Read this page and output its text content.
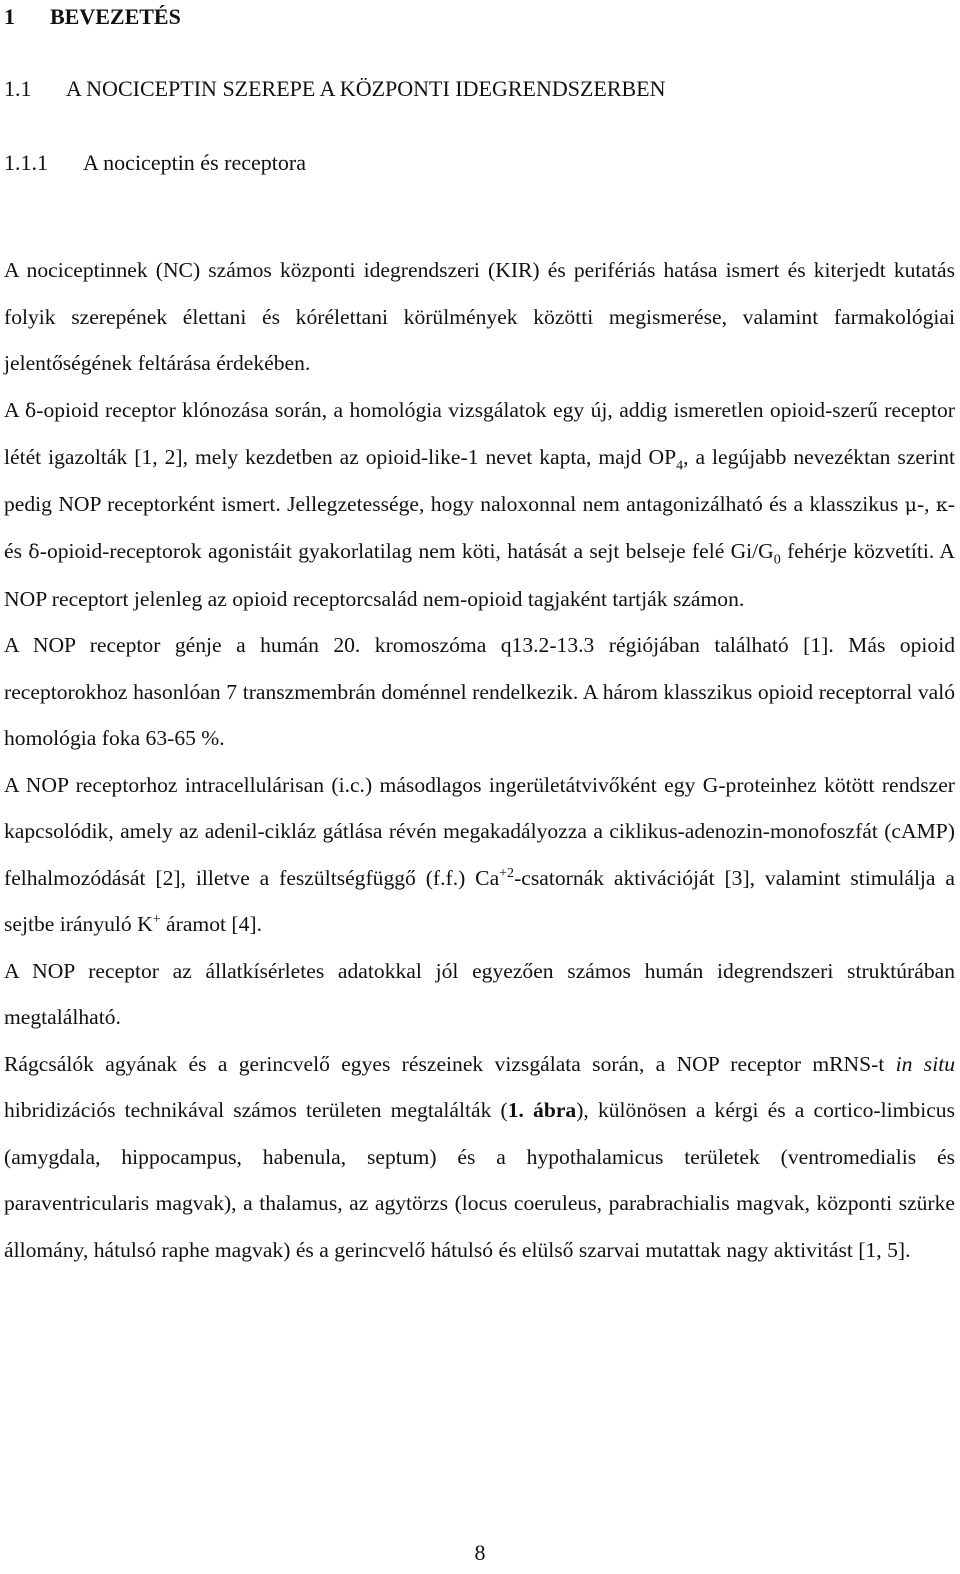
1 BEVEZETÉS
1.1 A NOCICEPTIN SZEREPE A KÖZPONTI IDEGRENDSZERBEN
1.1.1 A nociceptin és receptora

A nociceptinnek (NC) számos központi idegrendszeri (KIR) és perifériás hatása ismert és kiterjedt kutatás folyik szerepének élettani és kórélettani körülmények közötti megismerése, valamint farmakológiai jelentőségének feltárása érdekében.

A δ-opioid receptor klónozása során, a homológia vizsgálatok egy új, addig ismeretlen opioid-szerű receptor létét igazolták [1, 2], mely kezdetben az opioid-like-1 nevet kapta, majd $OP_4$, a legújabb nevezéktan szerint pedig NOP receptorként ismert. Jellegzetessége, hogy naloxonnal nem antagonizálható és a klasszikus μ-, κ- és δ-opioid-receptorok agonistáit gyakorlatilag nem köti, hatását a sejt belseje felé $Gi/G_0$ fehérje közvetíti. A NOP receptort jelenleg az opioid receptorcsalád nem-opioid tagjaként tartják számon.

A NOP receptor génje a humán 20. kromoszóma q13.2-13.3 régiójában található [1]. Más opioid receptorokhoz hasonlóan 7 transzmembrán doménnel rendelkezik. A három klasszikus opioid receptorral való homológia foka 63-65 %.

A NOP receptorhoz intracellulárisan (i.c.) másodlagos ingerületátvivőként egy G-proteinhez kötött rendszer kapcsolódik, amely az adenil-cikláz gátlása révén megakadályozza a ciklikus-adenozin-monofoszfát (cAMP) felhalmozódását [2], illetve a feszültségfüggő (f.f.) $Ca^{+2}$-csatornák aktivációját [3], valamint stimulálja a sejtbe irányuló K+ áramot [4].

A NOP receptor az állatkísérletes adatokkal jól egyezően számos humán idegrendszeri struktúrában megtalálható.

Rágcsálók agyának és a gerincvelő egyes részeinek vizsgálata során, a NOP receptor mRNS-t in situ hibridizációs technikával számos területen megtalálták (1. ábra), különösen a kérgi és a cortico-limbicus (amygdala, hippocampus, habenula, septum) és a hypothalamicus területek (ventromedialis és paraventricularis magvak), a thalamus, az agytörzs (locus coeruleus, parabrachialis magvak, központi szürke állomány, hátulsó raphe magvak) és a gerincvelő hátulsó és elülső szarvai mutattak nagy aktivitást [1, 5].

8
